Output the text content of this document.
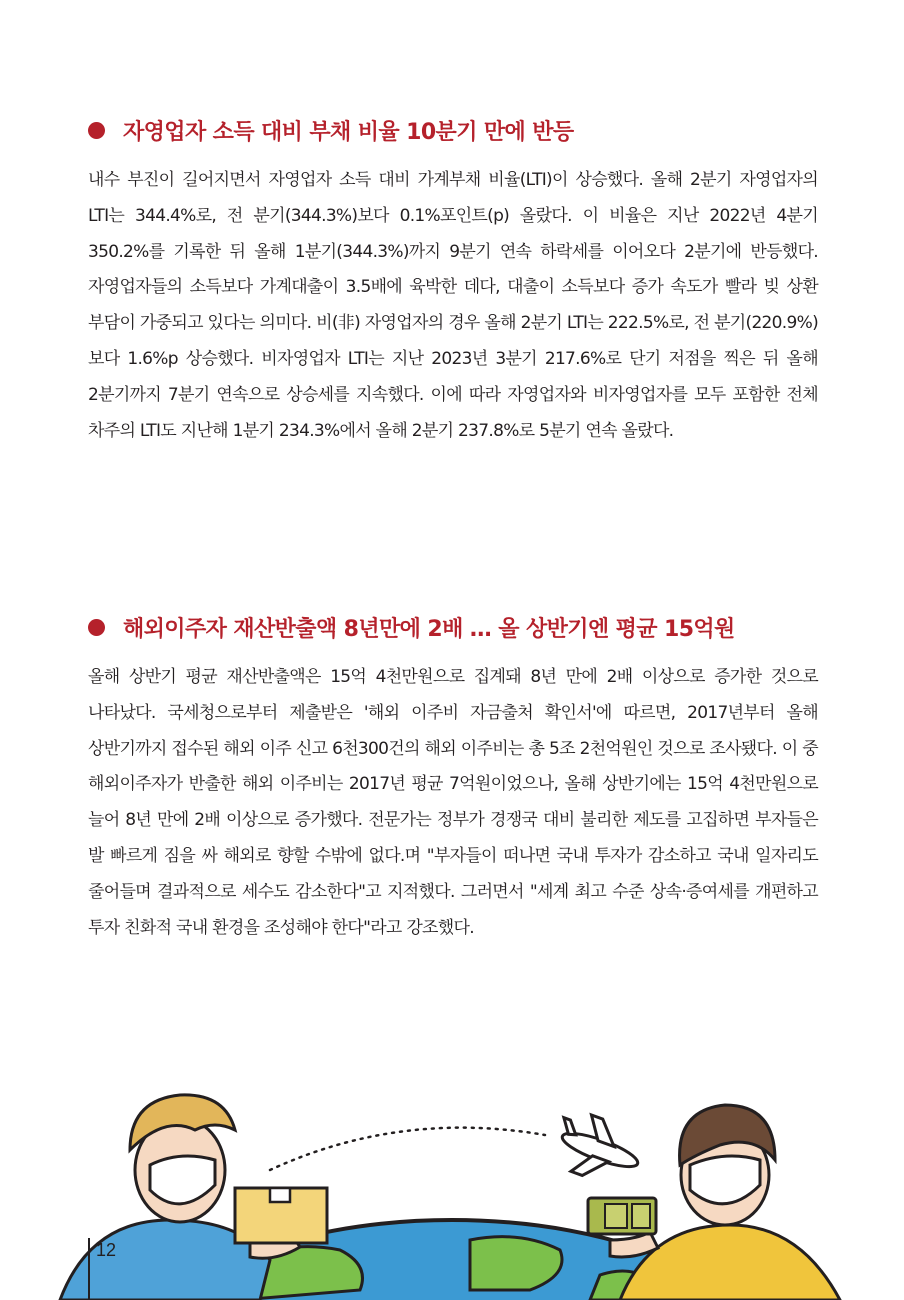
자영업자 소득 대비 부채 비율 10분기 만에 반등

내수 부진이 길어지면서 자영업자 소득 대비 가계부채 비율(LTI)이 상승했다. 올해 2분기 자영업자의 LTI는 344.4%로, 전 분기(344.3%)보다 0.1%포인트(p) 올랐다. 이 비율은 지난 2022년 4분기 350.2%를 기록한 뒤 올해 1분기(344.3%)까지 9분기 연속 하락세를 이어오다 2분기에 반등했다. 자영업자들의 소득보다 가계대출이 3.5배에 육박한 데다, 대출이 소득보다 증가 속도가 빨라 빚 상환 부담이 가중되고 있다는 의미다. 비(非) 자영업자의 경우 올해 2분기 LTI는 222.5%로, 전 분기(220.9%)보다 1.6%p 상승했다. 비자영업자 LTI는 지난 2023년 3분기 217.6%로 단기 저점을 찍은 뒤 올해 2분기까지 7분기 연속으로 상승세를 지속했다. 이에 따라 자영업자와 비자영업자를 모두 포함한 전체 차주의 LTI도 지난해 1분기 234.3%에서 올해 2분기 237.8%로 5분기 연속 올랐다.

해외이주자 재산반출액 8년만에 2배 … 올 상반기엔 평균 15억원

올해 상반기 평균 재산반출액은 15억 4천만원으로 집계돼 8년 만에 2배 이상으로 증가한 것으로 나타났다. 국세청으로부터 제출받은 '해외 이주비 자금출처 확인서'에 따르면, 2017년부터 올해 상반기까지 접수된 해외 이주 신고 6천300건의 해외 이주비는 총 5조 2천억원인 것으로 조사됐다. 이 중 해외이주자가 반출한 해외 이주비는 2017년 평균 7억원이었으나, 올해 상반기에는 15억 4천만원으로 늘어 8년 만에 2배 이상으로 증가했다. 전문가는 정부가 경쟁국 대비 불리한 제도를 고집하면 부자들은 발 빠르게 짐을 싸 해외로 향할 수밖에 없다.며 "부자들이 떠나면 국내 투자가 감소하고 국내 일자리도 줄어들며 결과적으로 세수도 감소한다"고 지적했다. 그러면서 "세계 최고 수준 상속·증여세를 개편하고 투자 친화적 국내 환경을 조성해야 한다"라고 강조했다.

12
